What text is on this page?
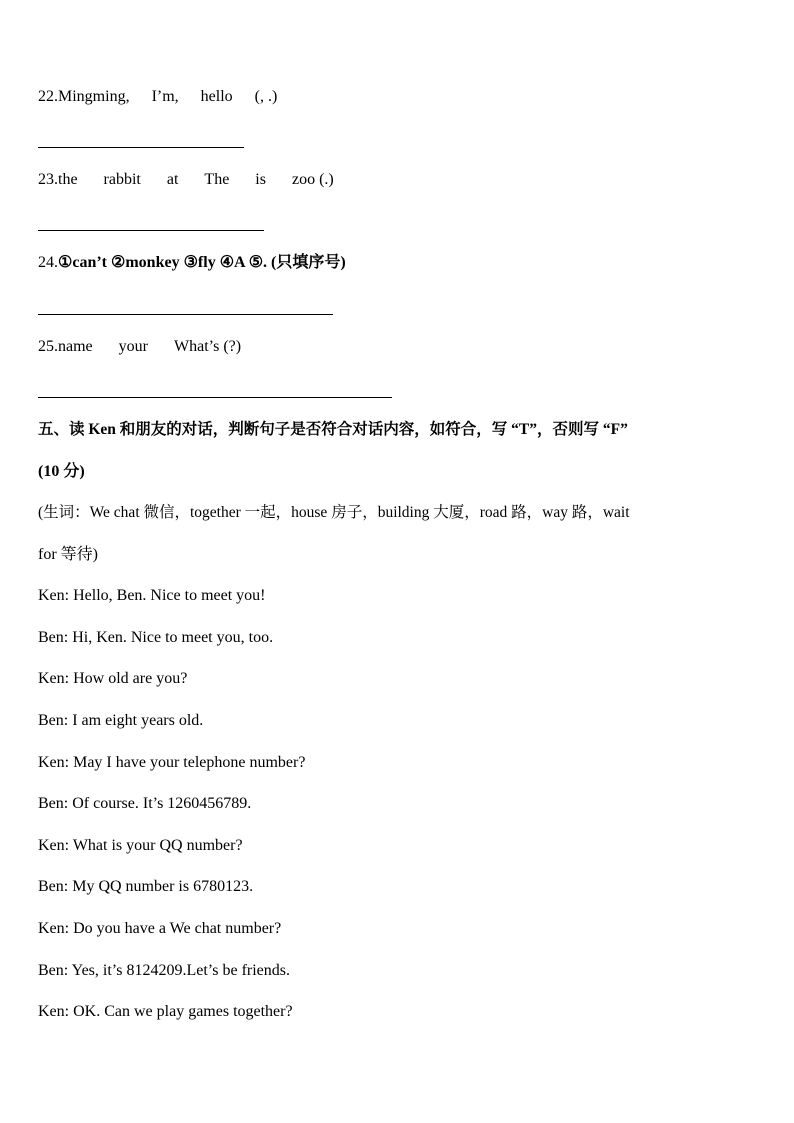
22.Mingming, I’m, hello (, .)
23.the rabbit at The is zoo (.)
24.①can’t ②monkey ③fly ④A ⑤. (只填序号)
25.name your What’s (?)
五、读 Ken 和朋友的对话，判断句子是否符合对话内容，如符合，写 “T”，否则写 “F”
(10 分)
(生词：We chat 微信，together 一起，house 房子，building 大厦，road 路，way 路，wait
for 等待)
Ken: Hello, Ben. Nice to meet you!
Ben: Hi, Ken. Nice to meet you, too.
Ken: How old are you?
Ben: I am eight years old.
Ken: May I have your telephone number?
Ben: Of course. It’s 1260456789.
Ken: What is your QQ number?
Ben: My QQ number is 6780123.
Ken: Do you have a We chat number?
Ben: Yes, it’s 8124209.Let’s be friends.
Ken: OK. Can we play games together?
